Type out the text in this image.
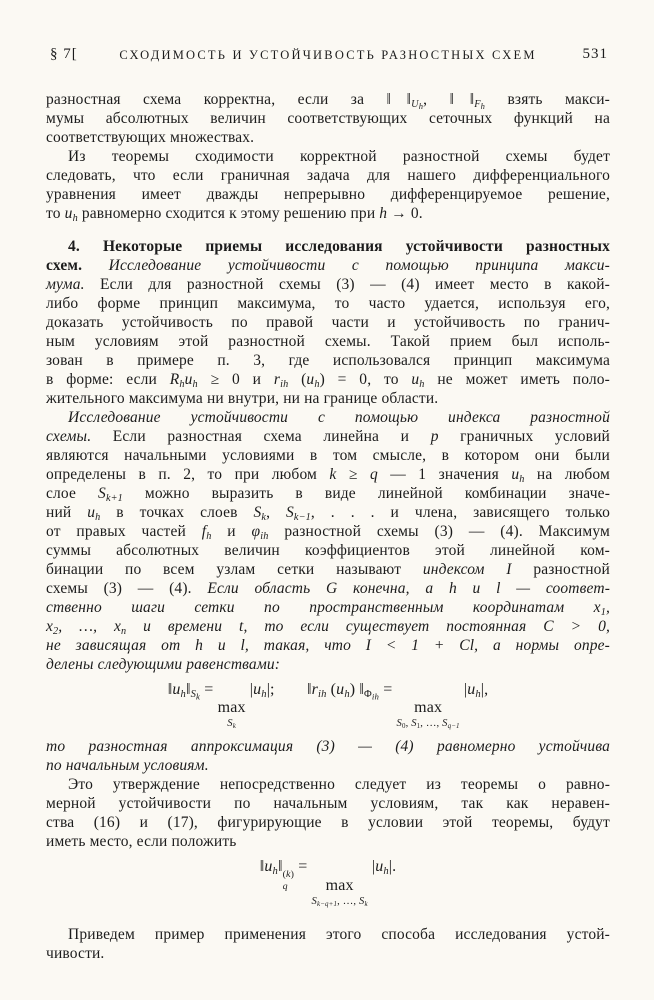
§ 7[	СХОДИМОСТЬ И УСТОЙЧИВОСТЬ РАЗНОСТНЫХ СХЕМ	531
разностная схема корректна, если за ‖ $‖_{Uh}$, ‖ $‖_{Fh}$ взять макси-
мумы абсолютных величин соответствующих сеточных функций на
соответствующих множествах.
Из теоремы сходимости корректной разностной схемы будет
следовать, что если граничная задача для нашего дифференциального
уравнения имеет дважды непрерывно дифференцируемое решение,
то $u_h$ равномерно сходится к этому решению при h → 0.
4. Некоторые приемы исследования устойчивости разностных
схем. Исследование устойчивости с помощью принципа макси-
мума. Если для разностной схемы (3) — (4) имеет место в какой-
либо форме принцип максимума, то часто удается, используя его,
доказать устойчивость по правой части и устойчивость по гранич-
ным условиям этой разностной схемы. Такой прием был исполь-
зован в примере п. 3, где использовался принцип максимума
в форме: если $R_hu_h \ge 0$ и $r_{ih}$ $(u_h) = 0$, то $u_h$ не может иметь поло-
жительного максимума ни внутри, ни на границе области.
Исследование устойчивости с помощью индекса разностной
схемы. Если разностная схема линейна и p граничных условий
являются начальными условиями в том смысле, в котором они были
определены в п. 2, то при любом k ≥ q — 1 значения $u_h$ на любом
слое $S_{k+1}$ можно выразить в виде линейной комбинации значе-
ний $u_h$ в точках слоев $S_k$, $S_{k-1}$, . . . и члена, зависящего только
от правых частей $f_h$ и $\varphi_{ih}$ разностной схемы (3) — (4). Максимум
суммы абсолютных величин коэффициентов этой линейной ком-
бинации по всем узлам сетки называют индексом I разностной
схемы (3) — (4). Если область G конечна, а h и l — соответ-
ственно шаги сетки по пространственным координатам $x_1$,
$x_2$, …, $x_n$ и времени t, то если существует постоянная C > 0,
не зависящая от h и l, такая, что I < 1 + Cl, а нормы опре-
делены следующими равенствами:
$‖u_h‖_{Sk}$ =
max
$S_k$
$|u_h|$;   $‖r_{ih}$ $(u_h)$ $‖_{\Phi ih}$ =
max
$S_0$, $S_1$, …, $S_{q-1}$
$|u_h|$,
то разностная аппроксимация (3) — (4) равномерно устойчива
по начальным условиям.
Это утверждение непосредственно следует из теоремы о равно-
мерной устойчивости по начальным условиям, так как неравен-
ства (16) и (17), фигурирующие в условии этой теоремы, будут
иметь место, если положить
$‖u_h‖$ (k)
q
=
max
$S_{k-q+1}$, …, $S_k$
$|u_h|$.
Приведем пример применения этого способа исследования устой-
чивости.
